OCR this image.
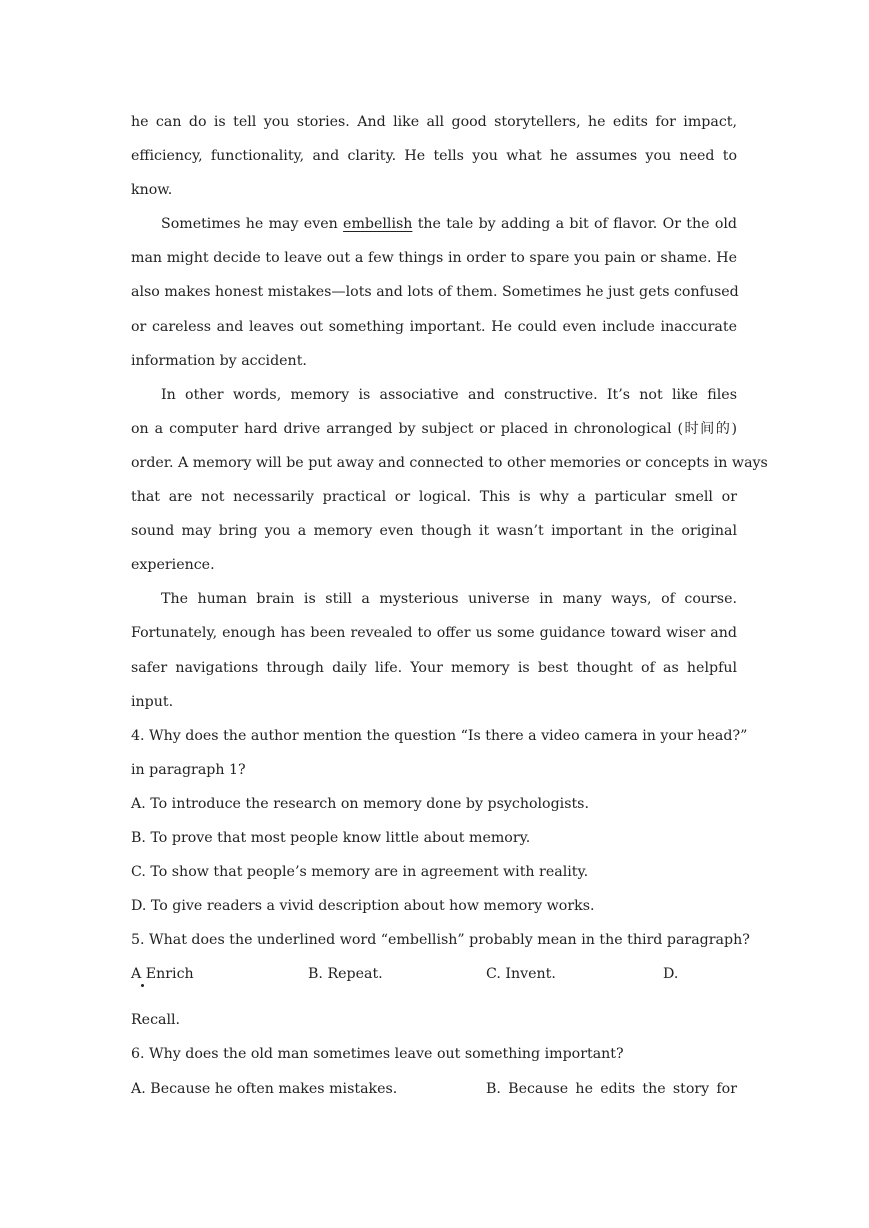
he can do is tell you stories. And like all good storytellers, he edits for impact,
efficiency, functionality, and clarity. He tells you what he assumes you need to
know.
Sometimes he may even embellish the tale by adding a bit of flavor. Or the old
man might decide to leave out a few things in order to spare you pain or shame. He
also makes honest mistakes—lots and lots of them. Sometimes he just gets confused
or careless and leaves out something important. He could even include inaccurate
information by accident.
In other words, memory is associative and constructive. It’s not like files
on a computer hard drive arranged by subject or placed in chronological (时间的)
order. A memory will be put away and connected to other memories or concepts in ways
that are not necessarily practical or logical. This is why a particular smell or
sound may bring you a memory even though it wasn’t important in the original
experience.
The human brain is still a mysterious universe in many ways, of course.
Fortunately, enough has been revealed to offer us some guidance toward wiser and
safer navigations through daily life. Your memory is best thought of as helpful
input.
4. Why does the author mention the question “Is there a video camera in your head?”
in paragraph 1?
A. To introduce the research on memory done by psychologists.
B. To prove that most people know little about memory.
C. To show that people’s memory are in agreement with reality.
D. To give readers a vivid description about how memory works.
5. What does the underlined word “embellish” probably mean in the third paragraph?
A Enrich	B. Repeat.	C. Invent.	D.
Recall.
6. Why does the old man sometimes leave out something important?
A. Because he often makes mistakes.	B. Because he edits the story for
